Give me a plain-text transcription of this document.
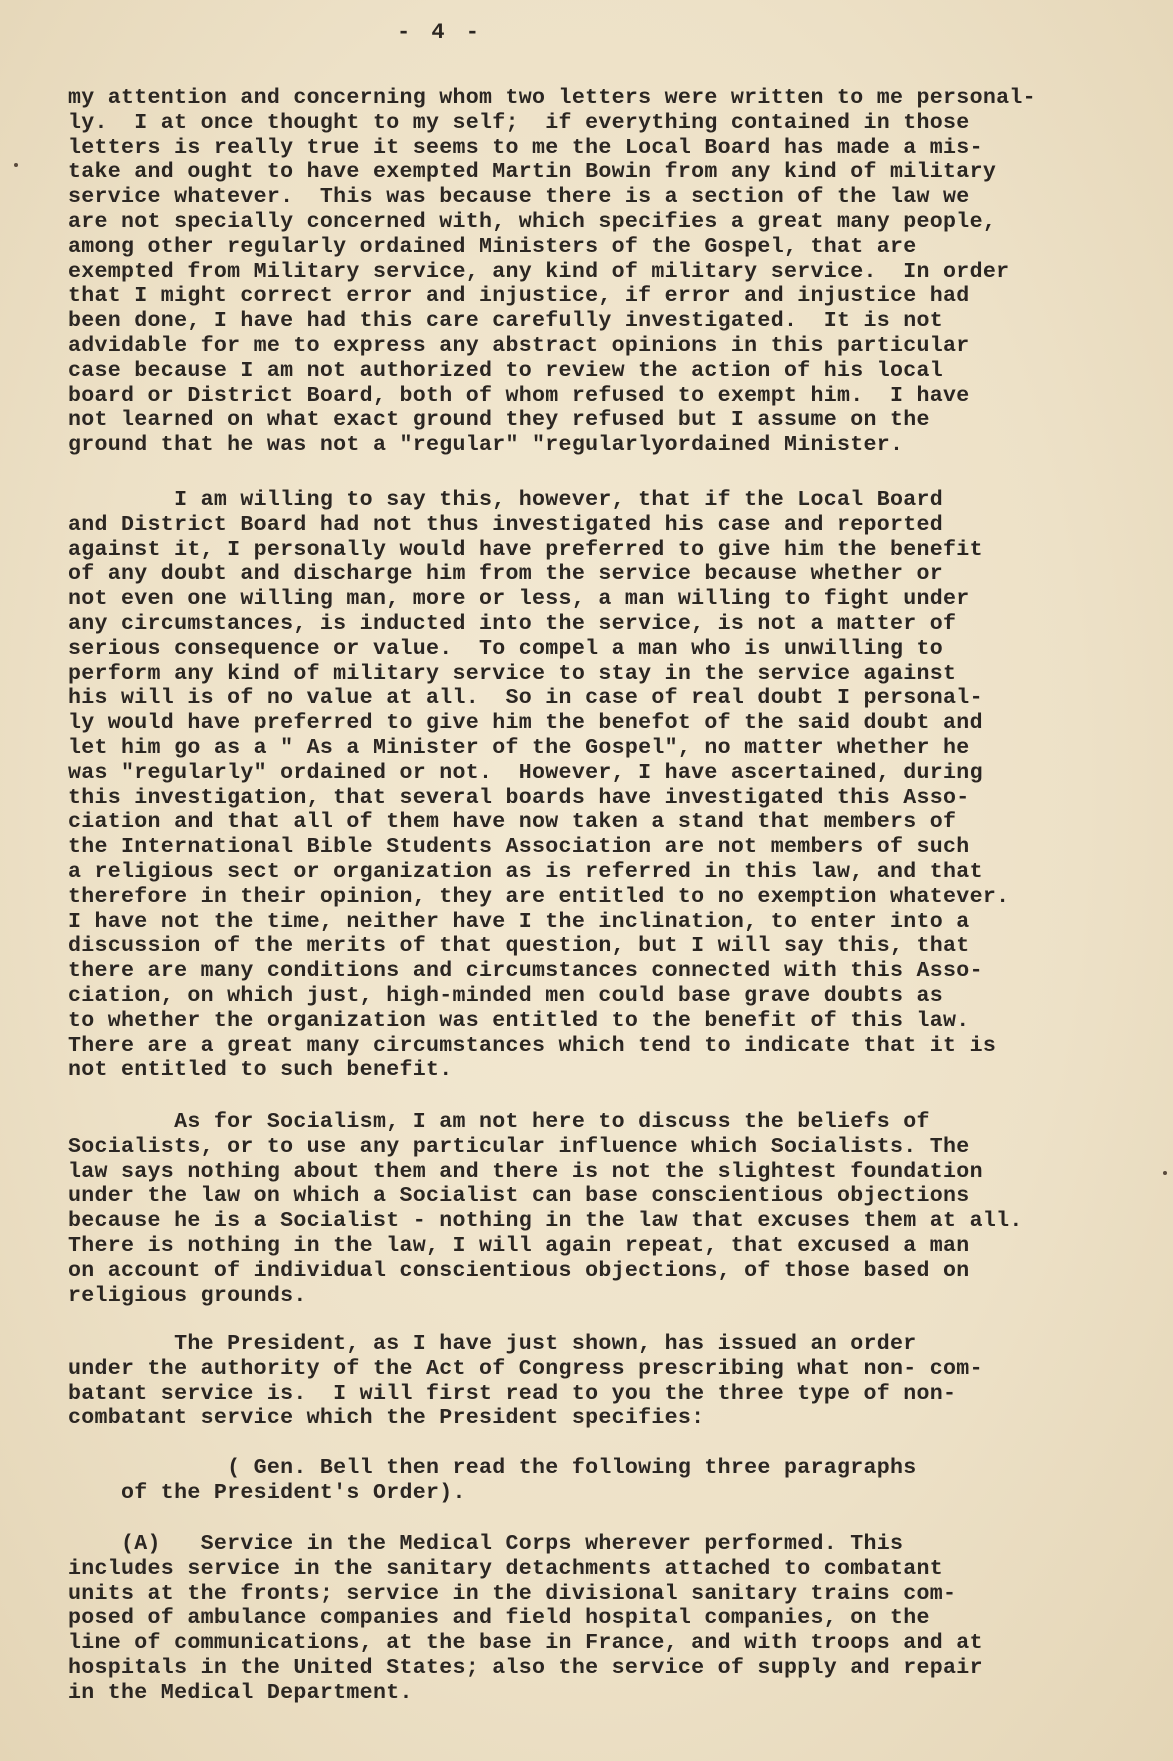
- 4 -
my attention and concerning whom two letters were written to me personal-
ly.  I at once thought to my self;  if everything contained in those
letters is really true it seems to me the Local Board has made a mis-
take and ought to have exempted Martin Bowin from any kind of military
service whatever.  This was because there is a section of the law we
are not specially concerned with, which specifies a great many people,
among other regularly ordained Ministers of the Gospel, that are
exempted from Military service, any kind of military service.  In order
that I might correct error and injustice, if error and injustice had
been done, I have had this care carefully investigated.  It is not
advidable for me to express any abstract opinions in this particular
case because I am not authorized to review the action of his local
board or District Board, both of whom refused to exempt him.  I have
not learned on what exact ground they refused but I assume on the
ground that he was not a "regular" "regularlyordained Minister.
I am willing to say this, however, that if the Local Board
and District Board had not thus investigated his case and reported
against it, I personally would have preferred to give him the benefit
of any doubt and discharge him from the service because whether or
not even one willing man, more or less, a man willing to fight under
any circumstances, is inducted into the service, is not a matter of
serious consequence or value.  To compel a man who is unwilling to
perform any kind of military service to stay in the service against
his will is of no value at all.  So in case of real doubt I personal-
ly would have preferred to give him the benefot of the said doubt and
let him go as a " As a Minister of the Gospel", no matter whether he
was "regularly" ordained or not.  However, I have ascertained, during
this investigation, that several boards have investigated this Asso-
ciation and that all of them have now taken a stand that members of
the International Bible Students Association are not members of such
a religious sect or organization as is referred in this law, and that
therefore in their opinion, they are entitled to no exemption whatever.
I have not the time, neither have I the inclination, to enter into a
discussion of the merits of that question, but I will say this, that
there are many conditions and circumstances connected with this Asso-
ciation, on which just, high-minded men could base grave doubts as
to whether the organization was entitled to the benefit of this law.
There are a great many circumstances which tend to indicate that it is
not entitled to such benefit.
As for Socialism, I am not here to discuss the beliefs of
Socialists, or to use any particular influence which Socialists. The
law says nothing about them and there is not the slightest foundation
under the law on which a Socialist can base conscientious objections
because he is a Socialist - nothing in the law that excuses them at all.
There is nothing in the law, I will again repeat, that excused a man
on account of individual conscientious objections, of those based on
religious grounds.
The President, as I have just shown, has issued an order
under the authority of the Act of Congress prescribing what non- com-
batant service is.  I will first read to you the three type of non-
combatant service which the President specifies:
( Gen. Bell then read the following three paragraphs
of the President's Order).
(A)   Service in the Medical Corps wherever performed. This
includes service in the sanitary detachments attached to combatant
units at the fronts; service in the divisional sanitary trains com-
posed of ambulance companies and field hospital companies, on the
line of communications, at the base in France, and with troops and at
hospitals in the United States; also the service of supply and repair
in the Medical Department.
